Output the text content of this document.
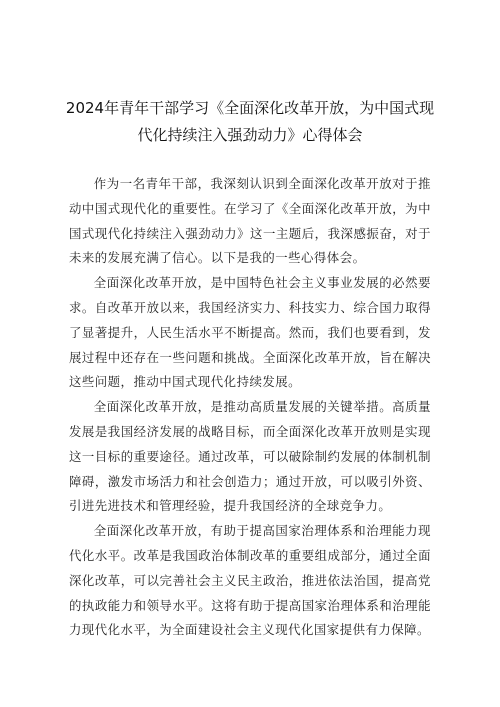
2024年青年干部学习《全面深化改革开放，为中国式现代化持续注入强劲动力》心得体会

作为一名青年干部，我深刻认识到全面深化改革开放对于推动中国式现代化的重要性。在学习了《全面深化改革开放，为中国式现代化持续注入强劲动力》这一主题后，我深感振奋，对于未来的发展充满了信心。以下是我的一些心得体会。

全面深化改革开放，是中国特色社会主义事业发展的必然要求。自改革开放以来，我国经济实力、科技实力、综合国力取得了显著提升，人民生活水平不断提高。然而，我们也要看到，发展过程中还存在一些问题和挑战。全面深化改革开放，旨在解决这些问题，推动中国式现代化持续发展。

全面深化改革开放，是推动高质量发展的关键举措。高质量发展是我国经济发展的战略目标，而全面深化改革开放则是实现这一目标的重要途径。通过改革，可以破除制约发展的体制机制障碍，激发市场活力和社会创造力；通过开放，可以吸引外资、引进先进技术和管理经验，提升我国经济的全球竞争力。

全面深化改革开放，有助于提高国家治理体系和治理能力现代化水平。改革是我国政治体制改革的重要组成部分，通过全面深化改革，可以完善社会主义民主政治，推进依法治国，提高党的执政能力和领导水平。这将有助于提高国家治理体系和治理能力现代化水平，为全面建设社会主义现代化国家提供有力保障。
